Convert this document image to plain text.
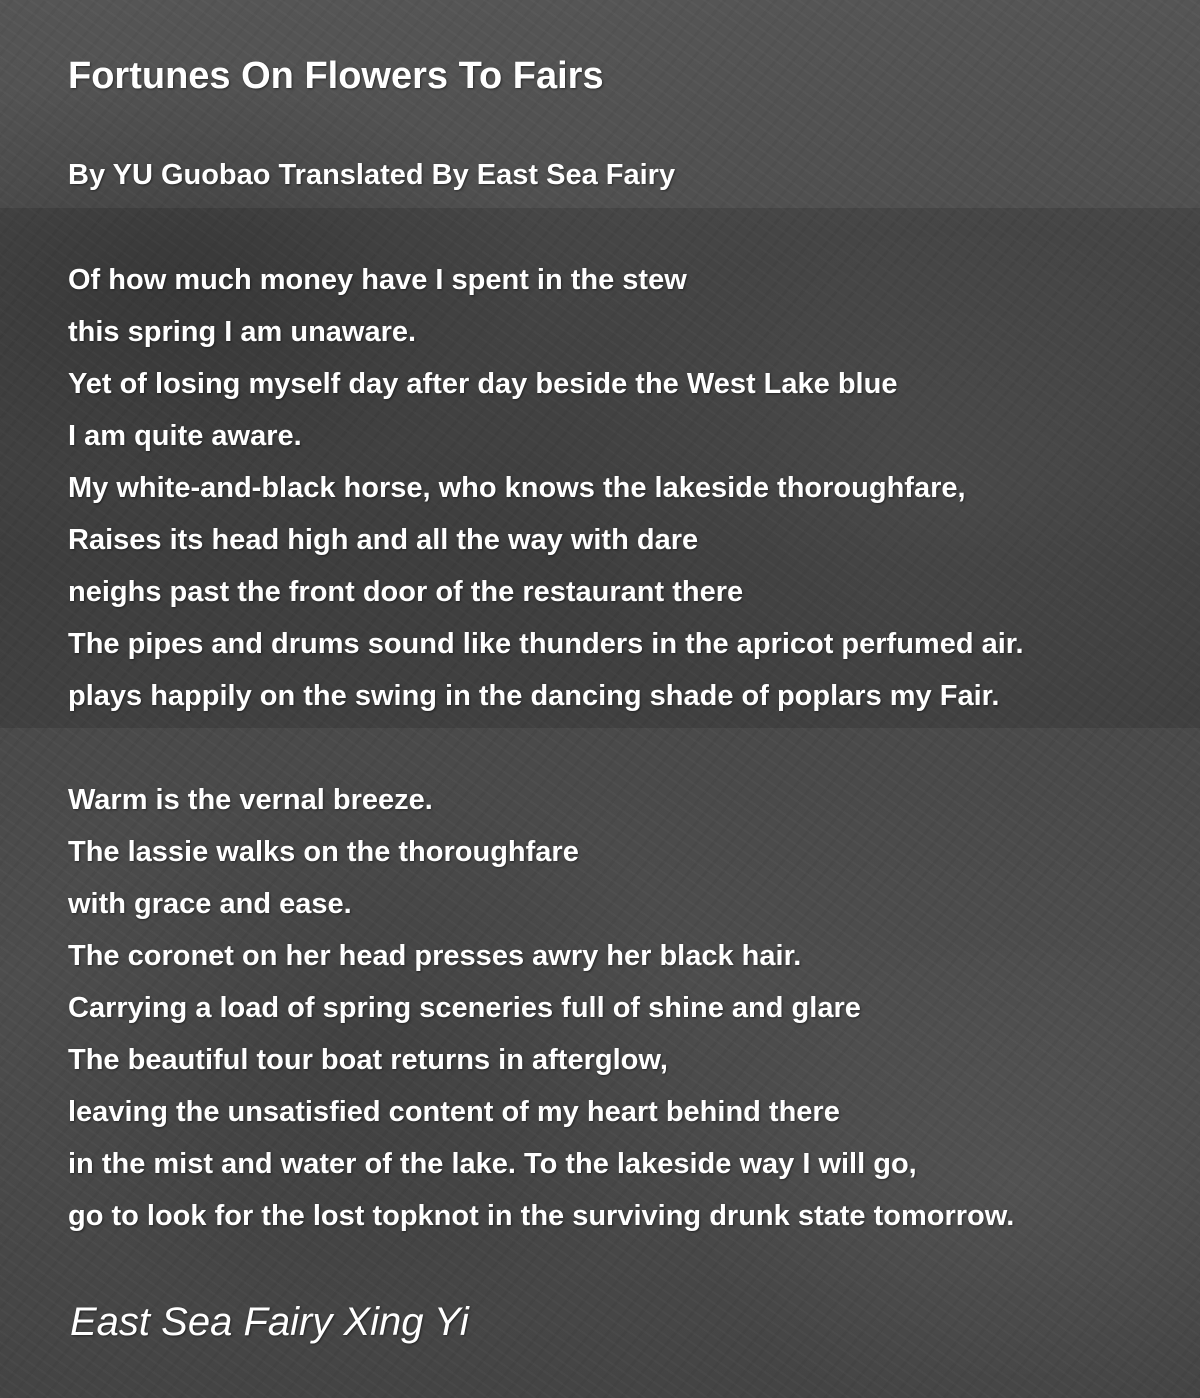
Fortunes On Flowers To Fairs

By YU Guobao Translated By East Sea Fairy

Of how much money have I spent in the stew
this spring I am unaware.
Yet of losing myself day after day beside the West Lake blue
I am quite aware.
My white-and-black horse, who knows the lakeside thoroughfare,
Raises its head high and all the way with dare
neighs past the front door of the restaurant there
The pipes and drums sound like thunders in the apricot perfumed air.
plays happily on the swing in the dancing shade of poplars my Fair.
Warm is the vernal breeze.
The lassie walks on the thoroughfare
with grace and ease.
The coronet on her head presses awry her black hair.
Carrying a load of spring sceneries full of shine and glare
The beautiful tour boat returns in afterglow,
leaving the unsatisfied content of my heart behind there
in the mist and water of the lake. To the lakeside way I will go,
go to look for the lost topknot in the surviving drunk state tomorrow.

East Sea Fairy Xing Yi
